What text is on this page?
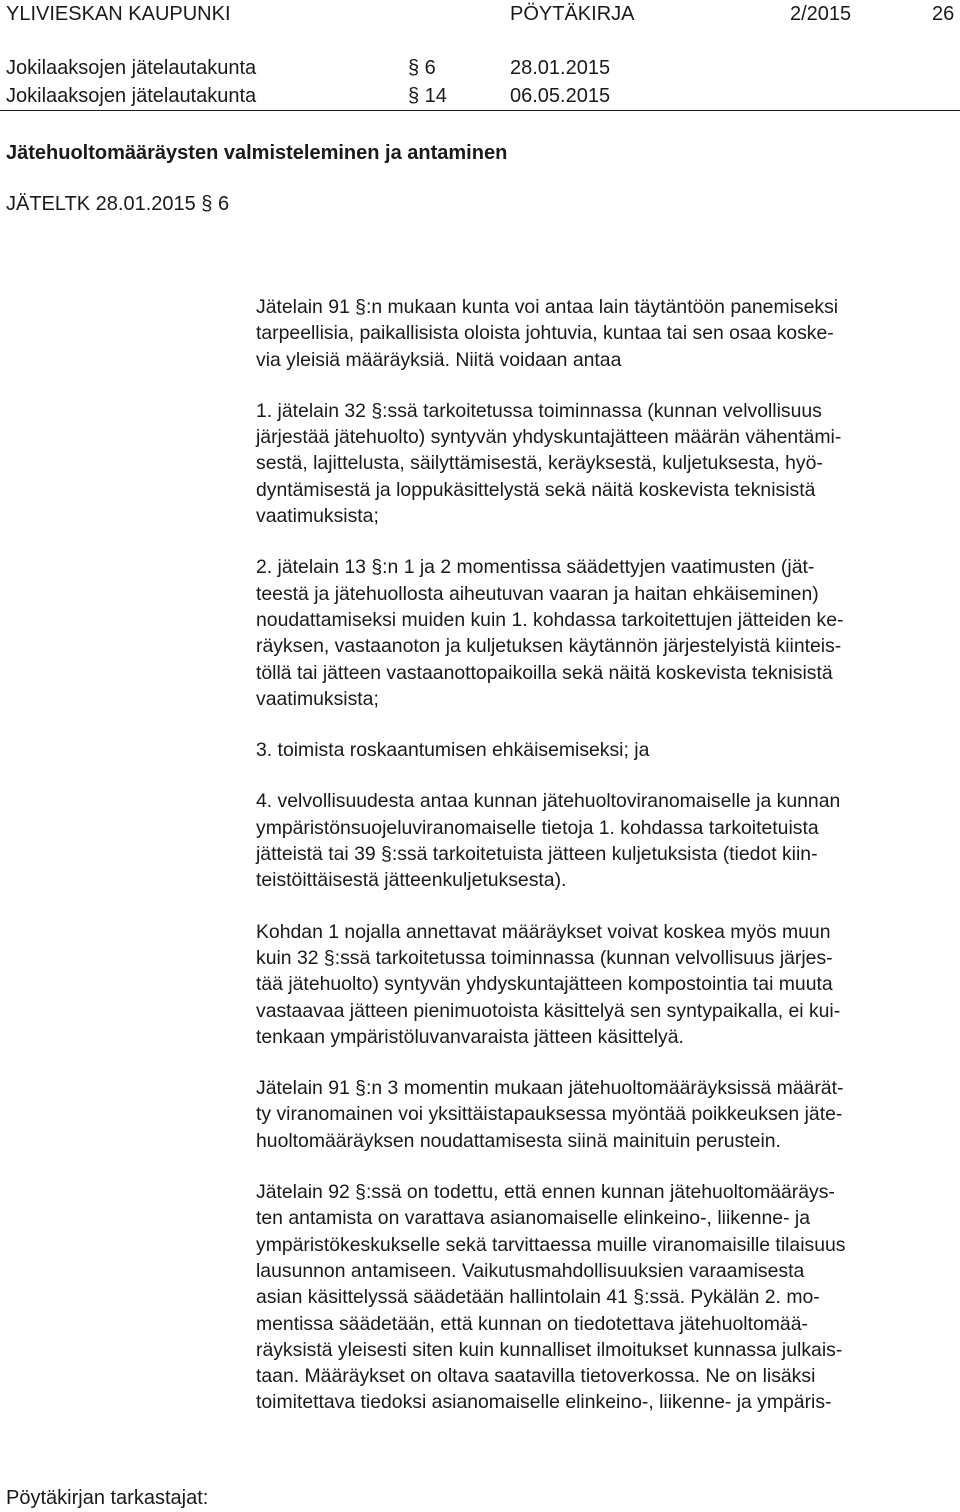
YLIVIESKAN KAUPUNKI	PÖYTÄKIRJA	2/2015	26
Jokilaaksojen jätelautakunta	§ 6	28.01.2015
Jokilaaksojen jätelautakunta	§ 14	06.05.2015
Jätehuoltomääräysten valmisteleminen ja antaminen
JÄTELTK 28.01.2015 § 6

Jätelain 91 §:n mukaan kunta voi antaa lain täytäntöön panemiseksi
tarpeellisia, paikallisista oloista johtuvia, kuntaa tai sen osaa koske-
via yleisiä määräyksiä. Niitä voidaan antaa

1. jätelain 32 §:ssä tarkoitetussa toiminnassa (kunnan velvollisuus
järjestää jätehuolto) syntyvän yhdyskuntajätteen määrän vähentämi-
sestä, lajittelusta, säilyttämisestä, keräyksestä, kuljetuksesta, hyö-
dyntämisestä ja loppukäsittelystä sekä näitä koskevista teknisistä
vaatimuksista;

2. jätelain 13 §:n 1 ja 2 momentissa säädettyjen vaatimusten (jät-
teestä ja jätehuollosta aiheutuvan vaaran ja haitan ehkäiseminen)
noudattamiseksi muiden kuin 1. kohdassa tarkoitettujen jätteiden ke-
räyksen, vastaanoton ja kuljetuksen käytännön järjestelyistä kiinteis-
töllä tai jätteen vastaanottopaikoilla sekä näitä koskevista teknisistä
vaatimuksista;

3. toimista roskaantumisen ehkäisemiseksi; ja

4. velvollisuudesta antaa kunnan jätehuoltoviranomaiselle ja kunnan
ympäristönsuojeluviranomaiselle tietoja 1. kohdassa tarkoitetuista
jätteistä tai 39 §:ssä tarkoitetuista jätteen kuljetuksista (tiedot kiin-
teistöittäisestä jätteenkuljetuksesta).

Kohdan 1 nojalla annettavat määräykset voivat koskea myös muun
kuin 32 §:ssä tarkoitetussa toiminnassa (kunnan velvollisuus järjes-
tää jätehuolto) syntyvän yhdyskuntajätteen kompostointia tai muuta
vastaavaa jätteen pienimuotoista käsittelyä sen syntypaikalla, ei kui-
tenkaan ympäristöluvanvaraista jätteen käsittelyä.

Jätelain 91 §:n 3 momentin mukaan jätehuoltomääräyksissä määrät-
ty viranomainen voi yksittäistapauksessa myöntää poikkeuksen jäte-
huoltomääräyksen noudattamisesta siinä mainituin perustein.

Jätelain 92 §:ssä on todettu, että ennen kunnan jätehuoltomääräys-
ten antamista on varattava asianomaiselle elinkeino-, liikenne- ja
ympäristökeskukselle sekä tarvittaessa muille viranomaisille tilaisuus
lausunnon antamiseen. Vaikutusmahdollisuuksien varaamisesta
asian käsittelyssä säädetään hallintolain 41 §:ssä. Pykälän 2. mo-
mentissa säädetään, että kunnan on tiedotettava jätehuoltomää-
räyksistä yleisesti siten kuin kunnalliset ilmoitukset kunnassa julkais-
taan. Määräykset on oltava saatavilla tietoverkossa. Ne on lisäksi
toimitettava tiedoksi asianomaiselle elinkeino-, liikenne- ja ympäris-

Pöytäkirjan tarkastajat:
